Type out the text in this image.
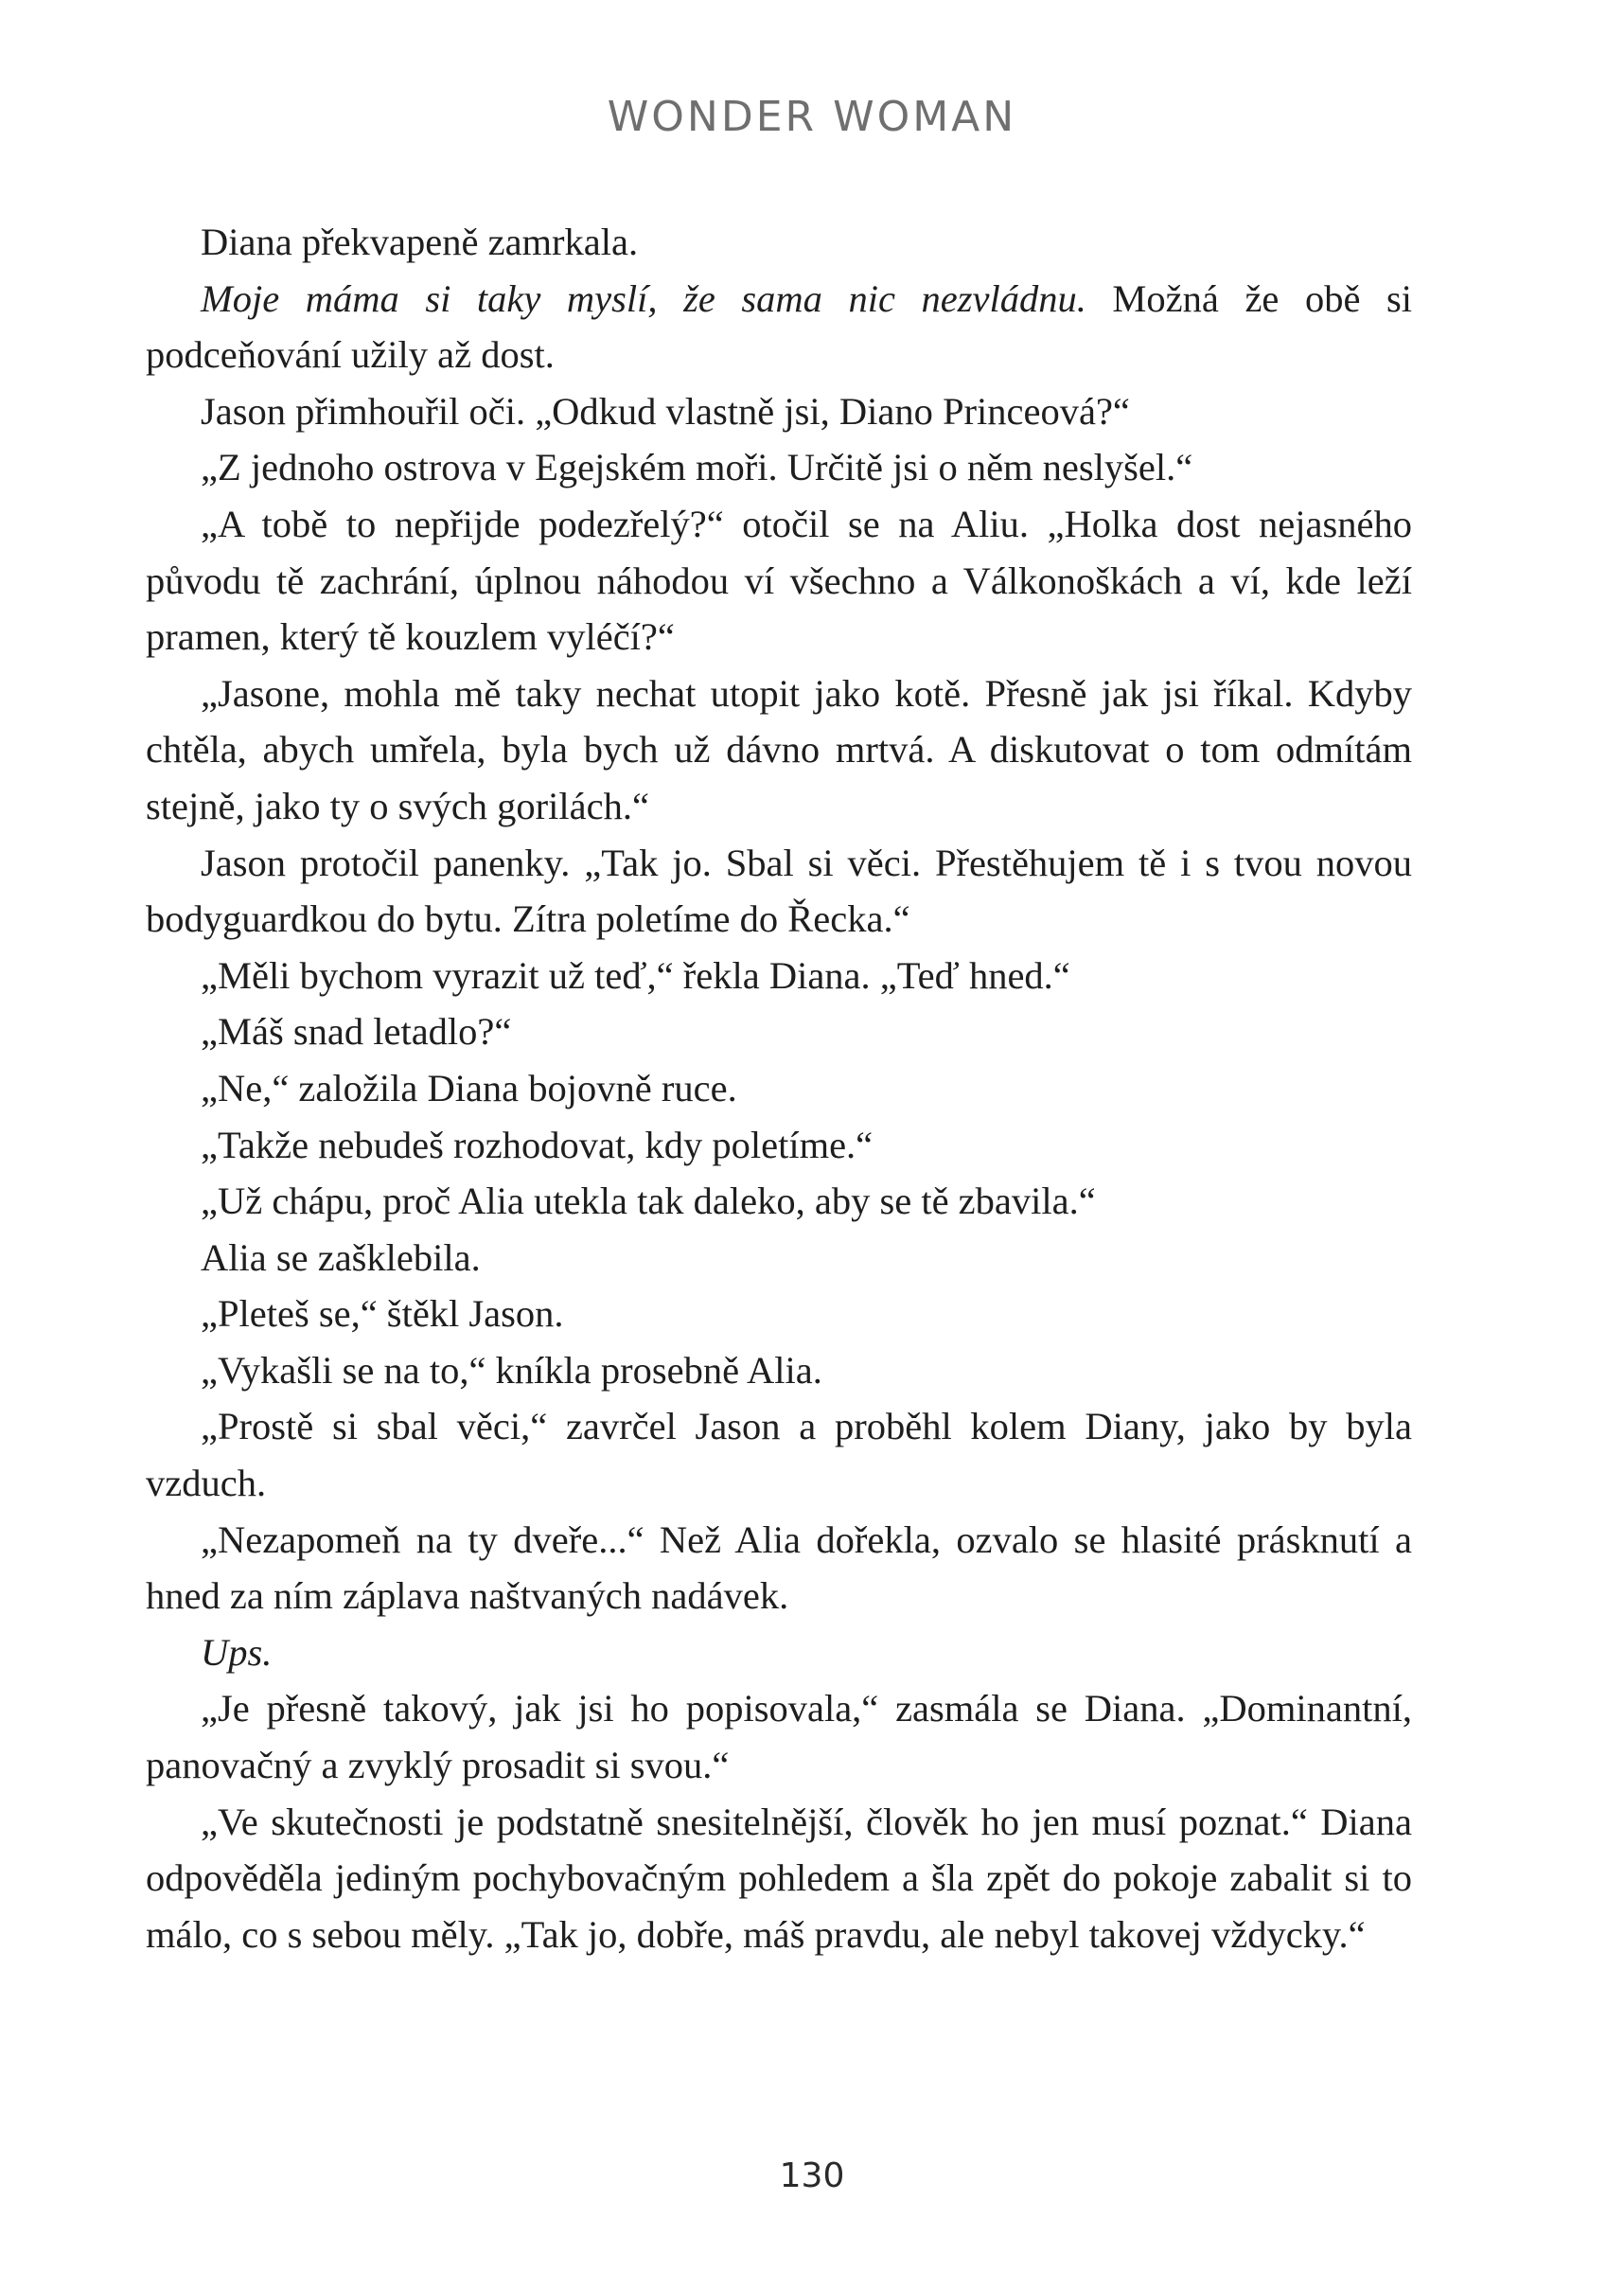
WONDER WOMAN

Diana překvapeně zamrkala.

Moje máma si taky myslí, že sama nic nezvládnu. Možná že obě si podceňování užily až dost.

Jason přimhouřil oči. „Odkud vlastně jsi, Diano Princeová?“

„Z jednoho ostrova v Egejském moři. Určitě jsi o něm neslyšel.“

„A tobě to nepřijde podezřelý?“ otočil se na Aliu. „Holka dost nejasného původu tě zachrání, úplnou náhodou ví všechno a Válkonoškách a ví, kde leží pramen, který tě kouzlem vyléčí?“

„Jasone, mohla mě taky nechat utopit jako kotě. Přesně jak jsi říkal. Kdyby chtěla, abych umřela, byla bych už dávno mrtvá. A diskutovat o tom odmítám stejně, jako ty o svých gorilách.“

Jason protočil panenky. „Tak jo. Sbal si věci. Přestěhujem tě i s tvou novou bodyguardkou do bytu. Zítra poletíme do Řecka.“

„Měli bychom vyrazit už teď,“ řekla Diana. „Teď hned.“

„Máš snad letadlo?“

„Ne,“ založila Diana bojovně ruce.

„Takže nebudeš rozhodovat, kdy poletíme.“

„Už chápu, proč Alia utekla tak daleko, aby se tě zbavila.“

Alia se zašklebila.

„Pleteš se,“ štěkl Jason.

„Vykašli se na to,“ kníkla prosebně Alia.

„Prostě si sbal věci,“ zavrčel Jason a proběhl kolem Diany, jako by byla vzduch.

„Nezapomeň na ty dveře...“ Než Alia dořekla, ozvalo se hlasité prásknutí a hned za ním záplava naštvaných nadávek.

Ups.

„Je přesně takový, jak jsi ho popisovala,“ zasmála se Diana. „Dominantní, panovačný a zvyklý prosadit si svou.“

„Ve skutečnosti je podstatně snesitelnější, člověk ho jen musí poznat.“ Diana odpověděla jediným pochybovačným pohledem a šla zpět do pokoje zabalit si to málo, co s sebou měly. „Tak jo, dobře, máš pravdu, ale nebyl takovej vždycky.“

130
